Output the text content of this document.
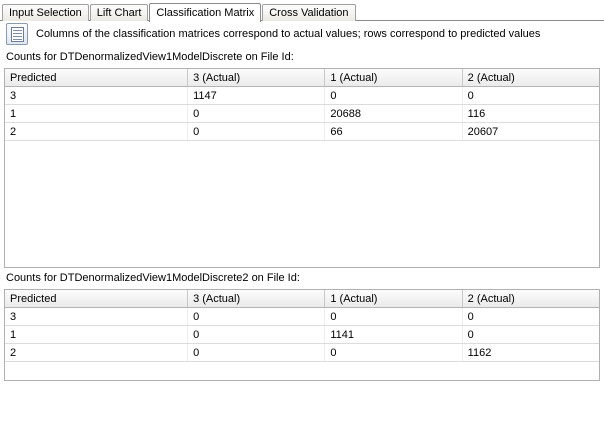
Input Selection	Lift Chart	Classification Matrix	Cross Validation
Columns of the classification matrices correspond to actual values; rows correspond to predicted values
Counts for DTDenormalizedView1ModelDiscrete on File Id:
Predicted	3 (Actual)	1 (Actual)	2 (Actual)
3	1147	0	0
1	0	20688	116
2	0	66	20607
Counts for DTDenormalizedView1ModelDiscrete2 on File Id:
Predicted	3 (Actual)	1 (Actual)	2 (Actual)
3	0	0	0
1	0	1141	0
2	0	0	1162
